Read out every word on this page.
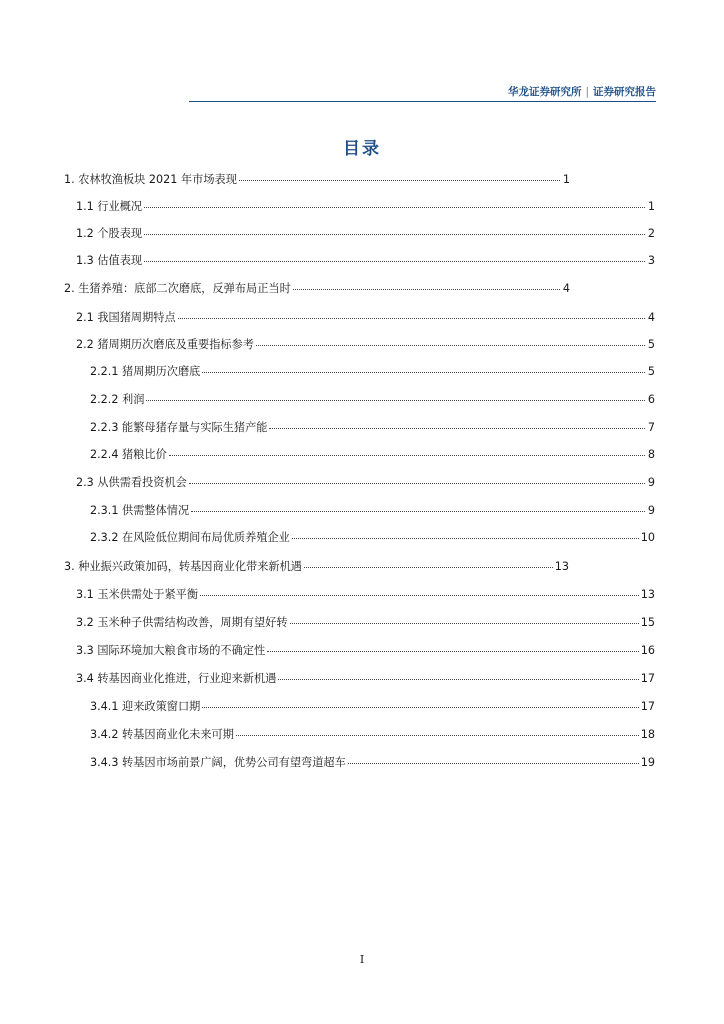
华龙证券研究所 | 证券研究报告
目录
1. 农林牧渔板块 2021 年市场表现	1
1.1 行业概况	1
1.2 个股表现	2
1.3 估值表现	3
2. 生猪养殖：底部二次磨底，反弹布局正当时	4
2.1 我国猪周期特点	4
2.2 猪周期历次磨底及重要指标参考	5
2.2.1 猪周期历次磨底	5
2.2.2 利润	6
2.2.3 能繁母猪存量与实际生猪产能	7
2.2.4 猪粮比价	8
2.3 从供需看投资机会	9
2.3.1 供需整体情况	9
2.3.2 在风险低位期间布局优质养殖企业	10
3. 种业振兴政策加码，转基因商业化带来新机遇	13
3.1 玉米供需处于紧平衡	13
3.2 玉米种子供需结构改善，周期有望好转	15
3.3 国际环境加大粮食市场的不确定性	16
3.4 转基因商业化推进，行业迎来新机遇	17
3.4.1 迎来政策窗口期	17
3.4.2 转基因商业化未来可期	18
3.4.3 转基因市场前景广阔，优势公司有望弯道超车	19
I
